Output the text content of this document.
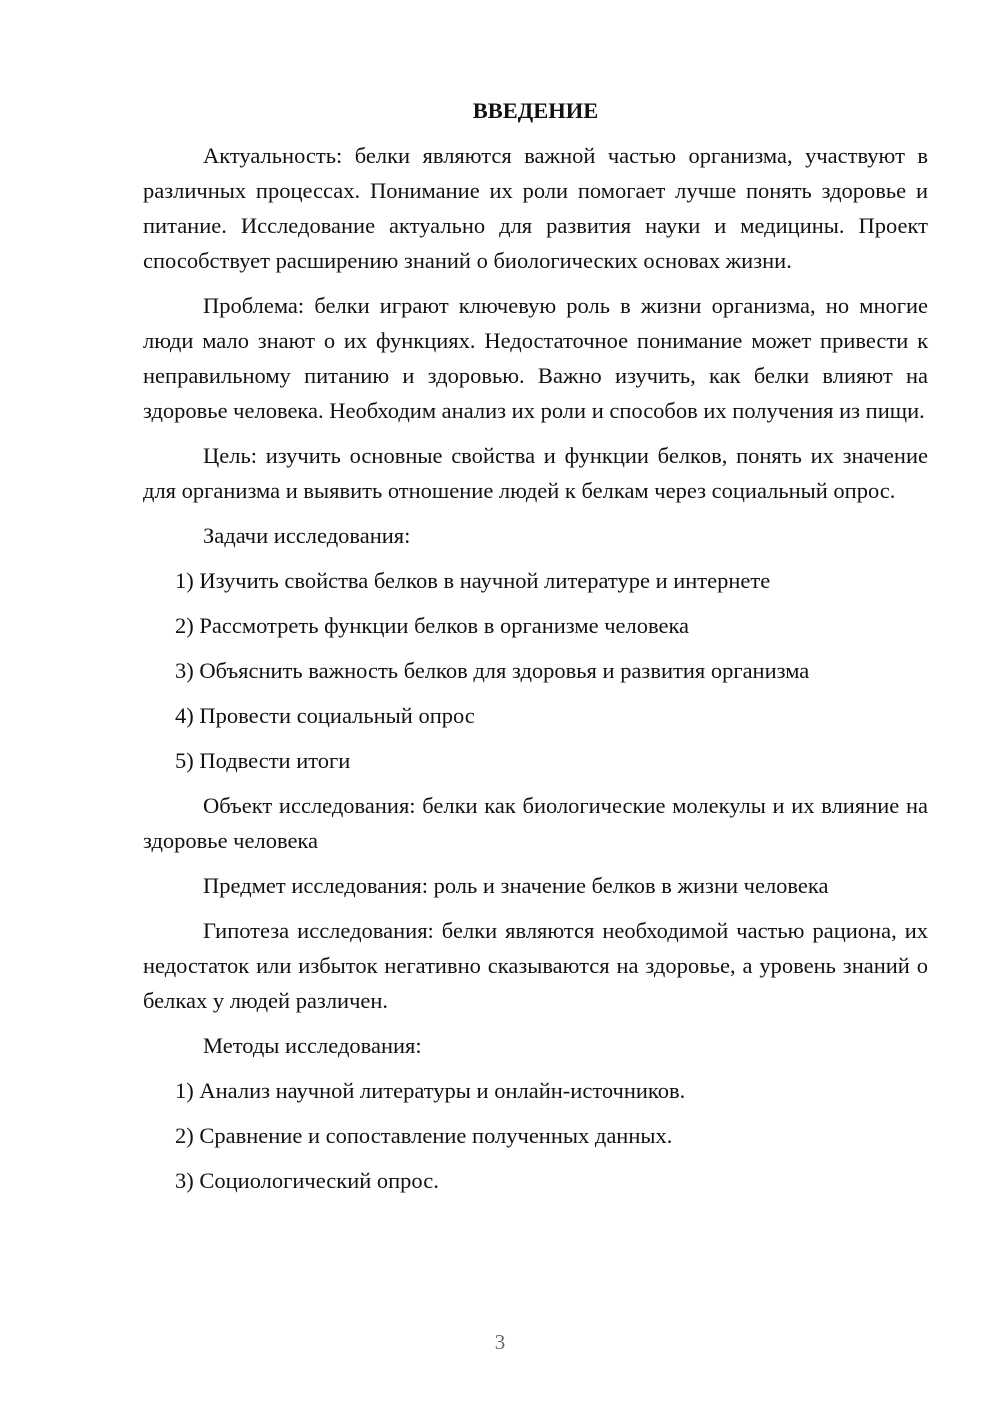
ВВЕДЕНИЕ

Актуальность: белки являются важной частью организма, участвуют в различных процессах. Понимание их роли помогает лучше понять здоровье и питание. Исследование актуально для развития науки и медицины. Проект способствует расширению знаний о биологических основах жизни.

Проблема: белки играют ключевую роль в жизни организма, но многие люди мало знают о их функциях. Недостаточное понимание может привести к неправильному питанию и здоровью. Важно изучить, как белки влияют на здоровье человека. Необходим анализ их роли и способов их получения из пищи.

Цель: изучить основные свойства и функции белков, понять их значение для организма и выявить отношение людей к белкам через социальный опрос.

Задачи исследования:

1) Изучить свойства белков в научной литературе и интернете
2) Рассмотреть функции белков в организме человека
3) Объяснить важность белков для здоровья и развития организма
4) Провести социальный опрос
5) Подвести итоги

Объект исследования: белки как биологические молекулы и их влияние на здоровье человека

Предмет исследования: роль и значение белков в жизни человека

Гипотеза исследования: белки являются необходимой частью рациона, их недостаток или избыток негативно сказываются на здоровье, а уровень знаний о белках у людей различен.

Методы исследования:

1) Анализ научной литературы и онлайн-источников.
2) Сравнение и сопоставление полученных данных.
3) Социологический опрос.
3
